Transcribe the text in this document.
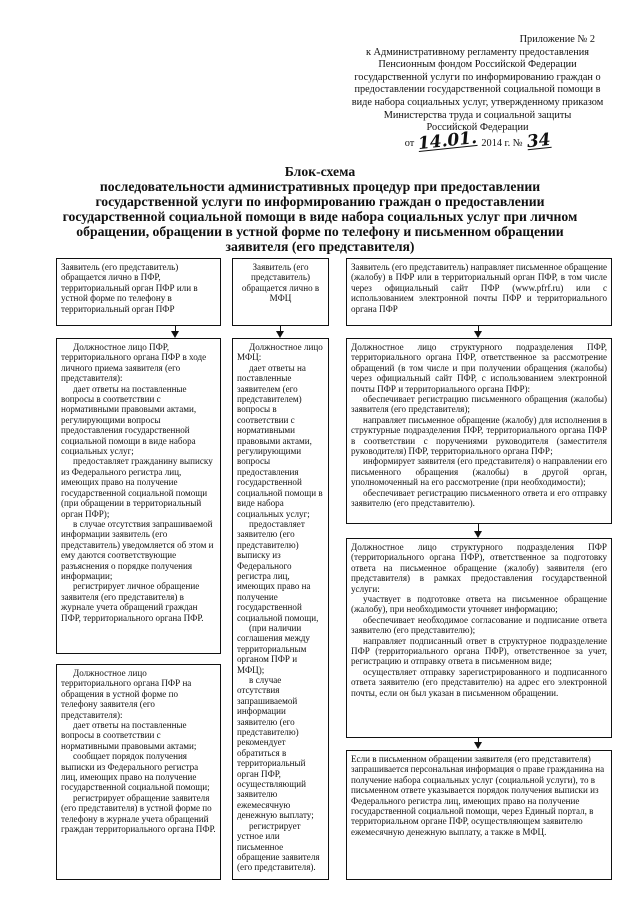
Приложение № 2
к Административному регламенту предоставления
Пенсионным фондом Российской Федерации
государственной услуги по информированию граждан о
предоставлении государственной социальной помощи в
виде набора социальных услуг, утвержденному приказом
Министерства труда и социальной защиты
Российской Федерации
от 14.01. 2014 г. № 34
Блок-схема
последовательности административных процедур при предоставлении государственной услуги по информированию граждан о предоставлении государственной социальной помощи в виде набора социальных услуг при личном обращении, обращении в устной форме по телефону и письменном обращении заявителя (его представителя)

Заявитель (его представитель) обращается лично в ПФР, территориальный орган ПФР или в устной форме по телефону в территориальный орган ПФР

Заявитель (его представитель) обращается лично в МФЦ

Заявитель (его представитель) направляет письменное обращение (жалобу) в ПФР или в территориальный орган ПФР, в том числе через официальный сайт ПФР (www.pfrf.ru) или с использованием электронной почты ПФР и территориального органа ПФР

Должностное лицо ПФР, территориального органа ПФР в ходе личного приема заявителя (его представителя):

дает ответы на поставленные вопросы в соответствии с нормативными правовыми актами, регулирующими вопросы предоставления государственной социальной помощи в виде набора социальных услуг;

предоставляет гражданину выписку из Федерального регистра лиц, имеющих право на получение государственной социальной помощи (при обращении в территориальный орган ПФР);

в случае отсутствия запрашиваемой информации заявитель (его представитель) уведомляется об этом и ему даются соответствующие разъяснения о порядке получения информации;

регистрирует личное обращение заявителя (его представителя) в журнале учета обращений граждан ПФР, территориального органа ПФР.

Должностное лицо территориального органа ПФР на обращения в устной форме по телефону заявителя (его представителя):

дает ответы на поставленные вопросы в соответствии с нормативными правовыми актами;

сообщает порядок получения выписки из Федерального регистра лиц, имеющих право на получение государственной социальной помощи;

регистрирует обращение заявителя (его представителя) в устной форме по телефону в журнале учета обращений граждан территориального органа ПФР.

Должностное лицо МФЦ:

дает ответы на поставленные заявителем (его представителем) вопросы в соответствии с нормативными правовыми актами, регулирующими вопросы предоставления государственной социальной помощи в виде набора социальных услуг;

предоставляет заявителю (его представителю) выписку из Федерального регистра лиц, имеющих право на получение государственной социальной помощи,

(при наличии соглашения между территориальным органом ПФР и МФЦ);

в случае отсутствия запрашиваемой информации заявителю (его представителю) рекомендует обратиться в территориальный орган ПФР, осуществляющий заявителю ежемесячную денежную выплату;

регистрирует устное или письменное обращение заявителя (его представителя).

Должностное лицо структурного подразделения ПФР, территориального органа ПФР, ответственное за рассмотрение обращений (в том числе и при получении обращения (жалобы) через официальный сайт ПФР, с использованием электронной почты ПФР и территориального органа ПФР):

обеспечивает регистрацию письменного обращения (жалобы) заявителя (его представителя);

направляет письменное обращение (жалобу) для исполнения в структурные подразделения ПФР, территориального органа ПФР в соответствии с поручениями руководителя (заместителя руководителя) ПФР, территориального органа ПФР;

информирует заявителя (его представителя) о направлении его письменного обращения (жалобы) в другой орган, уполномоченный на его рассмотрение (при необходимости);

обеспечивает регистрацию письменного ответа и его отправку заявителю (его представителю).

Должностное лицо структурного подразделения ПФР (территориального органа ПФР), ответственное за подготовку ответа на письменное обращение (жалобу) заявителя (его представителя) в рамках предоставления государственной услуги:

участвует в подготовке ответа на письменное обращение (жалобу), при необходимости уточняет информацию;

обеспечивает необходимое согласование и подписание ответа заявителю (его представителю);

направляет подписанный ответ в структурное подразделение ПФР (территориального органа ПФР), ответственное за учет, регистрацию и отправку ответа в письменном виде;

осуществляет отправку зарегистрированного и подписанного ответа заявителю (его представителю) на адрес его электронной почты, если он был указан в письменном обращении.

Если в письменном обращении заявителя (его представителя) запрашивается персональная информация о праве гражданина на получение набора социальных услуг (социальной услуги), то в письменном ответе указывается порядок получения выписки из Федерального регистра лиц, имеющих право на получение государственной социальной помощи, через Единый портал, в территориальном органе ПФР, осуществляющем заявителю ежемесячную денежную выплату, а также в МФЦ.
